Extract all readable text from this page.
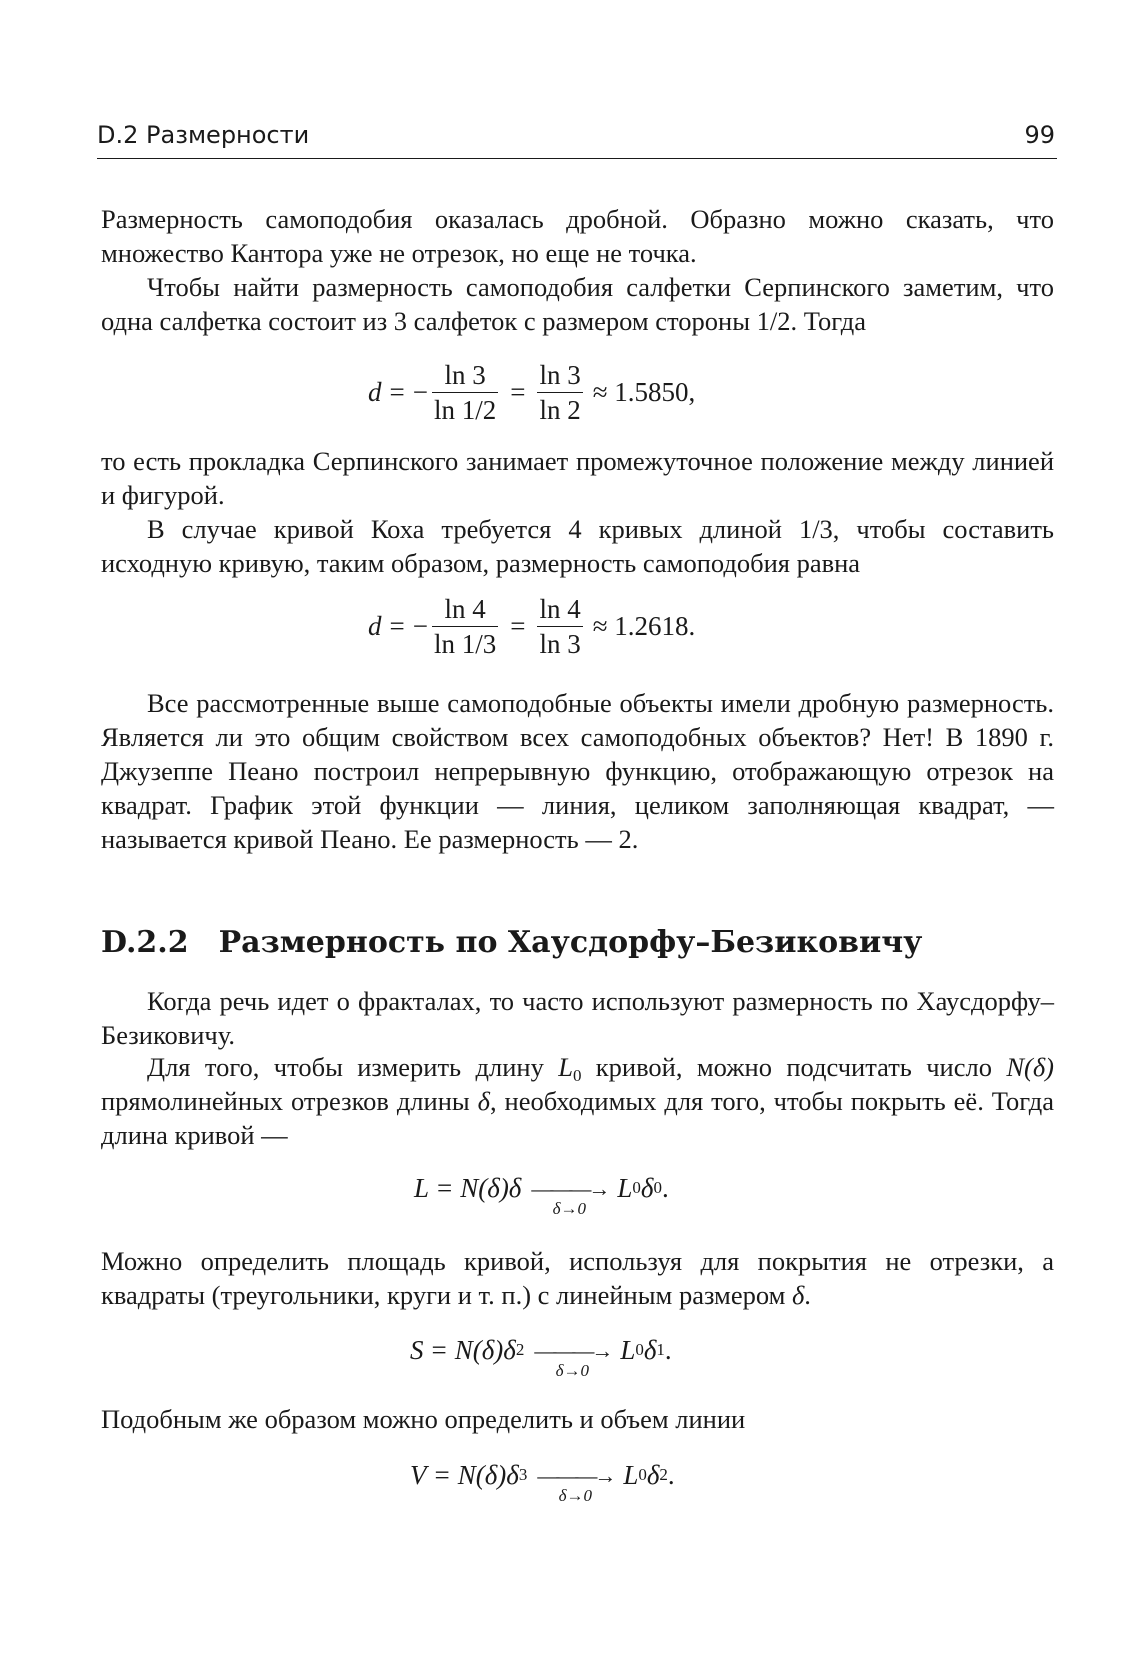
D.2 Размерности	99

Размерность самоподобия оказалась дробной. Образно можно сказать, что множество Кантора уже не отрезок, но еще не точка.

Чтобы найти размерность самоподобия салфетки Серпинского заметим, что одна салфетка состоит из 3 салфеток с размером стороны 1/2. Тогда

d = − $\frac{\ln 3}{\ln 1/2} = \frac{\ln 3}{\ln 2} \approx 1.5850$,

то есть прокладка Серпинского занимает промежуточное положение между линией и фигурой.

В случае кривой Коха требуется 4 кривых длиной 1/3, чтобы составить исходную кривую, таким образом, размерность самоподобия равна

d = − $\frac{\ln 4}{\ln 1/3} = \frac{\ln 4}{\ln 3} \approx 1.2618$.

Все рассмотренные выше самоподобные объекты имели дробную размерность. Является ли это общим свойством всех самоподобных объектов? Нет! В 1890 г. Джузеппе Пеано построил непрерывную функцию, отображающую отрезок на квадрат. График этой функции — линия, целиком заполняющая квадрат, — называется кривой Пеано. Ее размерность — 2.

D.2.2 Размерность по Хаусдорфу–Безиковичу

Когда речь идет о фракталах, то часто используют размерность по Хаусдорфу–Безиковичу.

Для того, чтобы измерить длину $L_0$ кривой, можно подсчитать число N(δ) прямолинейных отрезков длины δ, необходимых для того, чтобы покрыть её. Тогда длина кривой —

L = N(δ)δ ———→
δ→0
L 0 δ 0 .

Можно определить площадь кривой, используя для покрытия не отрезки, а квадраты (треугольники, круги и т. п.) с линейным размером δ.

S = N(δ)δ 2 ———→
δ→0
L 0 δ 1 .

Подобным же образом можно определить и объем линии

V = N(δ)δ 3 ———→
δ→0
L 0 δ 2 .
